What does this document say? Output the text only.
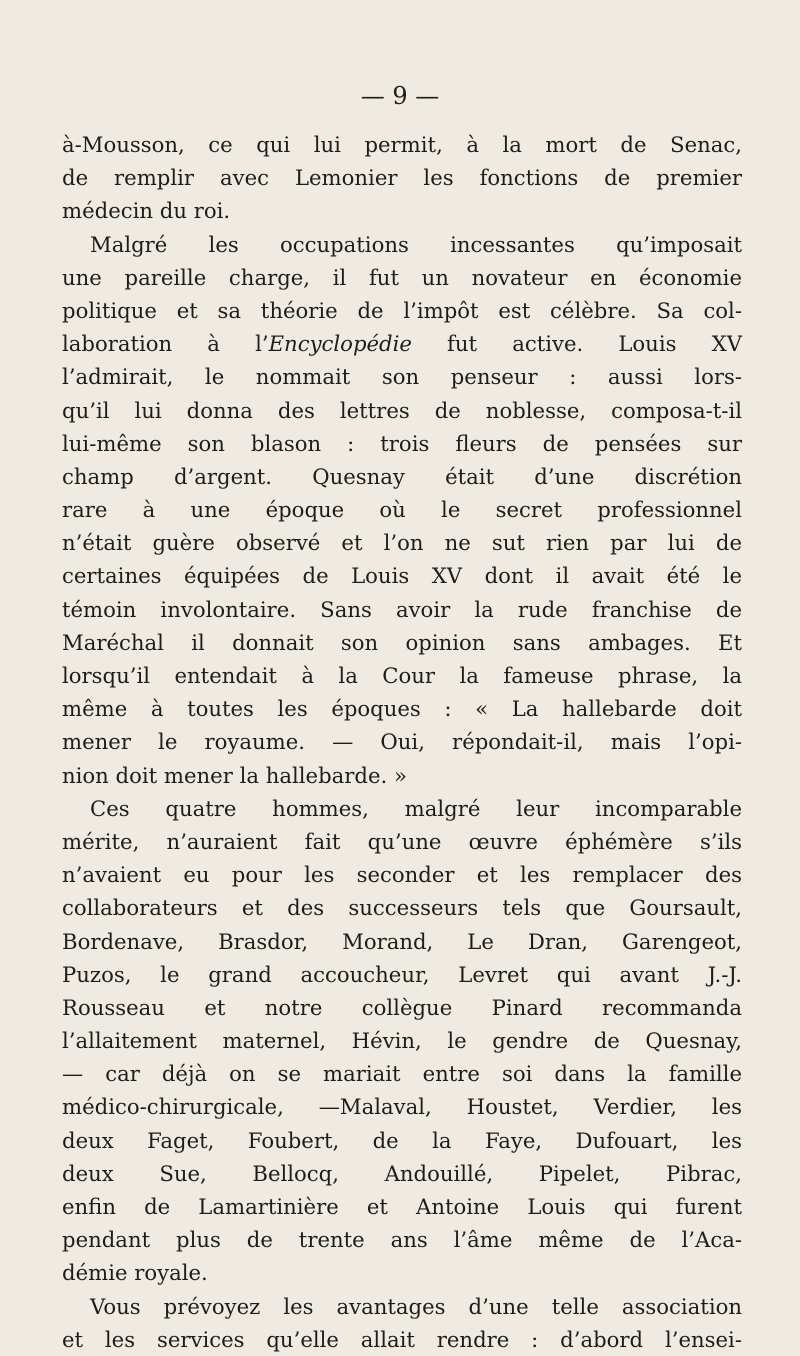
— 9 —
à-Mousson, ce qui lui permit, à la mort de Senac,
de remplir avec Lemonier les fonctions de premier
médecin du roi.
Malgré les occupations incessantes qu’imposait
une pareille charge, il fut un novateur en économie
politique et sa théorie de l’impôt est célèbre. Sa col-
laboration à l’Encyclopédie fut active. Louis XV
l’admirait, le nommait son penseur : aussi lors-
qu’il lui donna des lettres de noblesse, composa-t-il
lui-même son blason : trois fleurs de pensées sur
champ d’argent. Quesnay était d’une discrétion
rare à une époque où le secret professionnel
n’était guère observé et l’on ne sut rien par lui de
certaines équipées de Louis XV dont il avait été le
témoin involontaire. Sans avoir la rude franchise de
Maréchal il donnait son opinion sans ambages. Et
lorsqu’il entendait à la Cour la fameuse phrase, la
même à toutes les époques : « La hallebarde doit
mener le royaume. — Oui, répondait-il, mais l’opi-
nion doit mener la hallebarde. »
Ces quatre hommes, malgré leur incomparable
mérite, n’auraient fait qu’une œuvre éphémère s’ils
n’avaient eu pour les seconder et les remplacer des
collaborateurs et des successeurs tels que Goursault,
Bordenave, Brasdor, Morand, Le Dran, Garengeot,
Puzos, le grand accoucheur, Levret qui avant J.-J.
Rousseau et notre collègue Pinard recommanda
l’allaitement maternel, Hévin, le gendre de Quesnay,
— car déjà on se mariait entre soi dans la famille
médico-chirurgicale, —Malaval, Houstet, Verdier, les
deux Faget, Foubert, de la Faye, Dufouart, les
deux Sue, Bellocq, Andouillé, Pipelet, Pibrac,
enfin de Lamartinière et Antoine Louis qui furent
pendant plus de trente ans l’âme même de l’Aca-
démie royale.
Vous prévoyez les avantages d’une telle association
et les services qu’elle allait rendre : d’abord l’ensei-
